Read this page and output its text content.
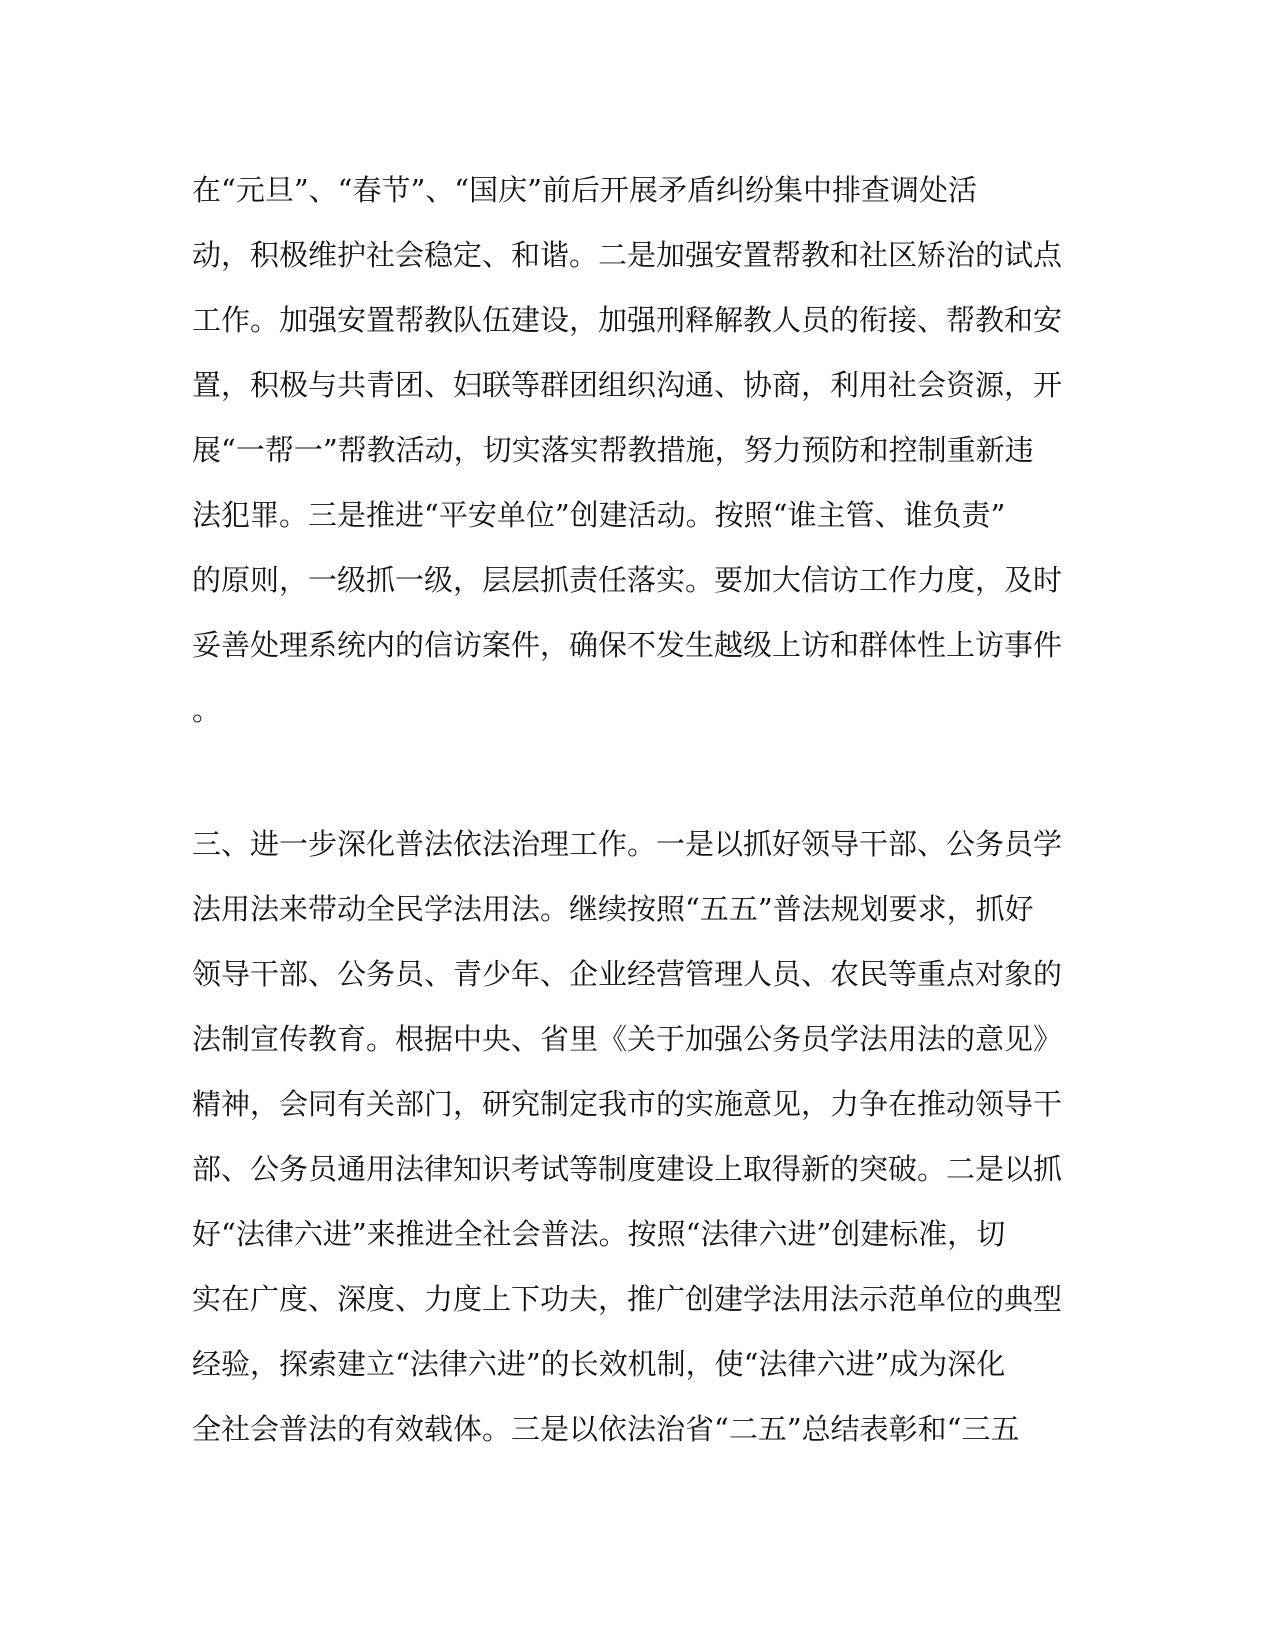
在“元旦”、“春节”、“国庆”前后开展矛盾纠纷集中排查调处活
动，积极维护社会稳定、和谐。二是加强安置帮教和社区矫治的试点
工作。加强安置帮教队伍建设，加强刑释解教人员的衔接、帮教和安
置，积极与共青团、妇联等群团组织沟通、协商，利用社会资源，开
展“一帮一”帮教活动，切实落实帮教措施，努力预防和控制重新违
法犯罪。三是推进“平安单位”创建活动。按照“谁主管、谁负责”
的原则，一级抓一级，层层抓责任落实。要加大信访工作力度，及时
妥善处理系统内的信访案件，确保不发生越级上访和群体性上访事件
。
三、进一步深化普法依法治理工作。一是以抓好领导干部、公务员学
法用法来带动全民学法用法。继续按照“五五”普法规划要求，抓好
领导干部、公务员、青少年、企业经营管理人员、农民等重点对象的
法制宣传教育。根据中央、省里《关于加强公务员学法用法的意见》
精神，会同有关部门，研究制定我市的实施意见，力争在推动领导干
部、公务员通用法律知识考试等制度建设上取得新的突破。二是以抓
好“法律六进”来推进全社会普法。按照“法律六进”创建标准，切
实在广度、深度、力度上下功夫，推广创建学法用法示范单位的典型
经验，探索建立“法律六进”的长效机制，使“法律六进”成为深化
全社会普法的有效载体。三是以依法治省“二五”总结表彰和“三五
